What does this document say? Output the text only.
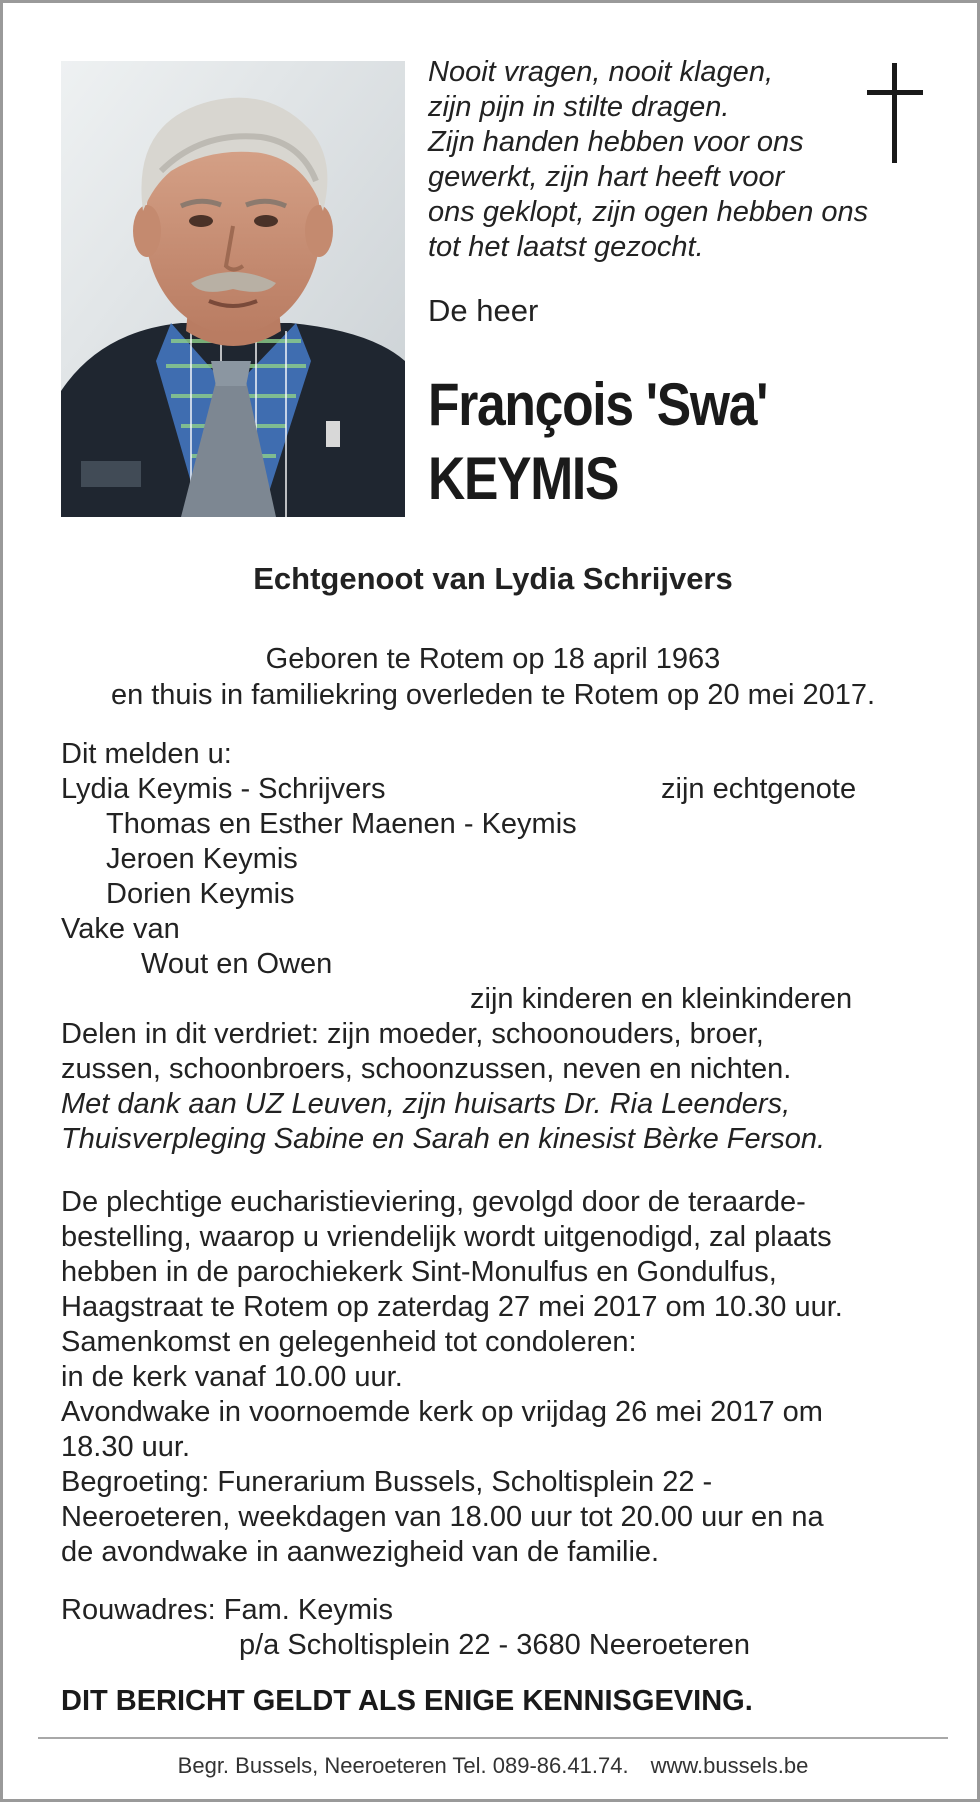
Nooit vragen, nooit klagen,
zijn pijn in stilte dragen.
Zijn handen hebben voor ons
gewerkt, zijn hart heeft voor
ons geklopt, zijn ogen hebben ons
tot het laatst gezocht.
De heer
François 'Swa'
KEYMIS
Echtgenoot van Lydia Schrijvers
Geboren te Rotem op 18 april 1963
en thuis in familiekring overleden te Rotem op 20 mei 2017.
Dit melden u:
Lydia Keymis - Schrijvers	zijn echtgenote
Thomas en Esther Maenen - Keymis
Jeroen Keymis
Dorien Keymis
Vake van
Wout en Owen
zijn kinderen en kleinkinderen
Delen in dit verdriet: zijn moeder, schoonouders, broer,
zussen, schoonbroers, schoonzussen, neven en nichten.
Met dank aan UZ Leuven, zijn huisarts Dr. Ria Leenders,
Thuisverpleging Sabine en Sarah en kinesist Bèrke Ferson.
De plechtige eucharistieviering, gevolgd door de teraarde-
bestelling, waarop u vriendelijk wordt uitgenodigd, zal plaats
hebben in de parochiekerk Sint-Monulfus en Gondulfus,
Haagstraat te Rotem op zaterdag 27 mei 2017 om 10.30 uur.
Samenkomst en gelegenheid tot condoleren:
in de kerk vanaf 10.00 uur.
Avondwake in voornoemde kerk op vrijdag 26 mei 2017 om
18.30 uur.
Begroeting: Funerarium Bussels, Scholtisplein 22 -
Neeroeteren, weekdagen van 18.00 uur tot 20.00 uur en na
de avondwake in aanwezigheid van de familie.
Rouwadres: Fam. Keymis
p/a Scholtisplein 22 - 3680 Neeroeteren
DIT BERICHT GELDT ALS ENIGE KENNISGEVING.
Begr. Bussels, Neeroeteren Tel. 089-86.41.74. www.bussels.be
